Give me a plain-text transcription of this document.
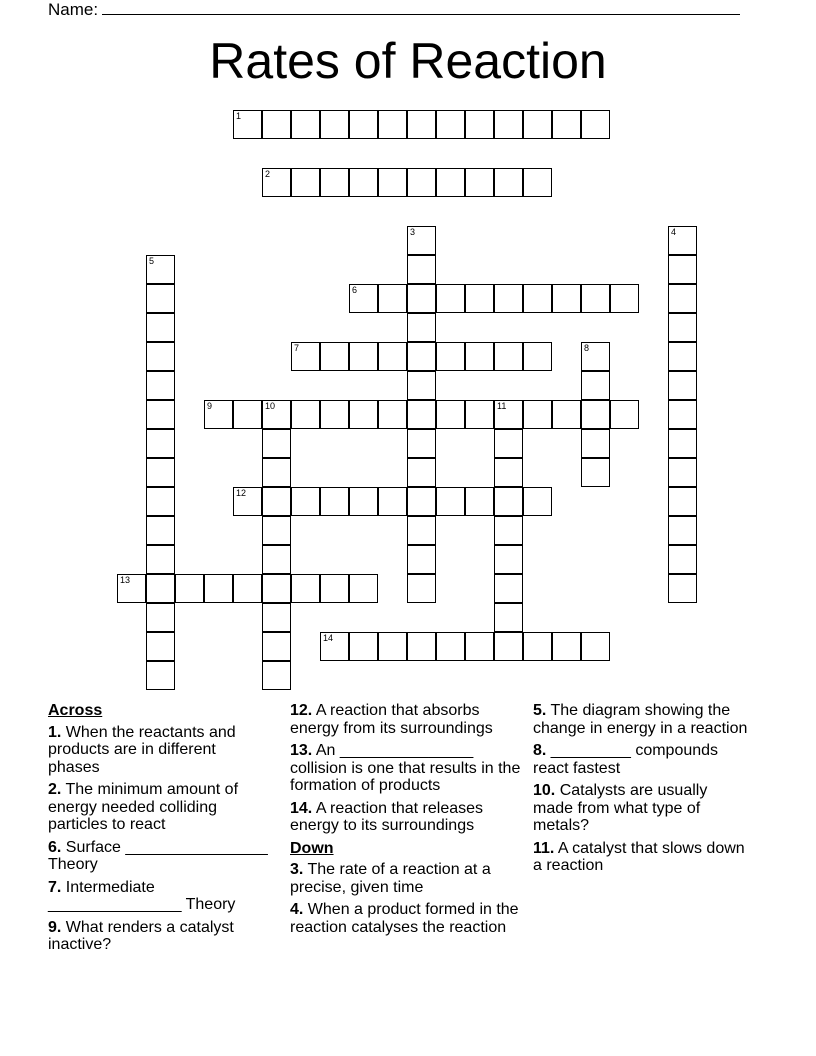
Name:
Rates of Reaction
1
2
3	4
5
6
7	8
9	10	11
12
13
14
Across
1. When the reactants and products are in different phases
2. The minimum amount of energy needed colliding particles to react
6. Surface ________________ Theory
7. Intermediate _______________ Theory
9. What renders a catalyst inactive?
12. A reaction that absorbs energy from its surroundings
13. An _______________ collision is one that results in the formation of products
14. A reaction that releases energy to its surroundings
Down
3. The rate of a reaction at a precise, given time
4. When a product formed in the reaction catalyses the reaction
5. The diagram showing the change in energy in a reaction
8. _________ compounds react fastest
10. Catalysts are usually made from what type of metals?
11. A catalyst that slows down a reaction
